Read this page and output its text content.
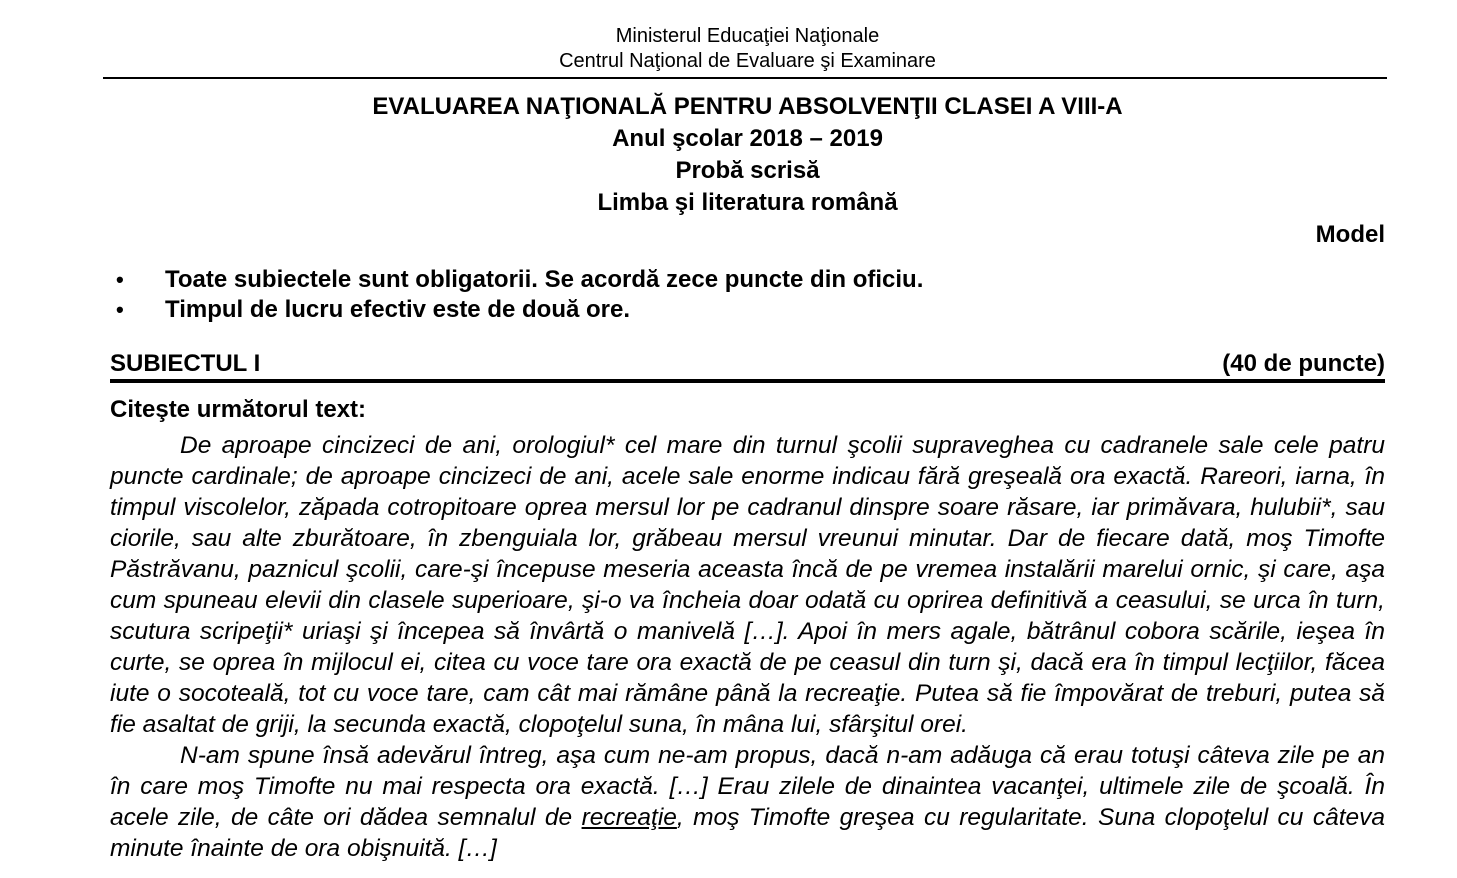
Ministerul Educaţiei Naţionale
Centrul Naţional de Evaluare şi Examinare
EVALUAREA NAŢIONALĂ PENTRU ABSOLVENŢII CLASEI A VIII-A
Anul şcolar 2018 – 2019
Probă scrisă
Limba şi literatura română
Model
• Toate subiectele sunt obligatorii. Se acordă zece puncte din oficiu.
• Timpul de lucru efectiv este de două ore.
SUBIECTUL I	(40 de puncte)
Citeşte următorul text:

De aproape cincizeci de ani, orologiul* cel mare din turnul şcolii supraveghea cu cadranele sale cele patru puncte cardinale; de aproape cincizeci de ani, acele sale enorme indicau fără greşeală ora exactă. Rareori, iarna, în timpul viscolelor, zăpada cotropitoare oprea mersul lor pe cadranul dinspre soare răsare, iar primăvara, hulubii*, sau ciorile, sau alte zburătoare, în zbenguiala lor, grăbeau mersul vreunui minutar. Dar de fiecare dată, moş Timofte Păstrăvanu, paznicul şcolii, care-şi începuse meseria aceasta încă de pe vremea instalării marelui ornic, şi care, aşa cum spuneau elevii din clasele superioare, şi-o va încheia doar odată cu oprirea definitivă a ceasului, se urca în turn, scutura scripeţii* uriaşi şi începea să învârtă o manivelă […]. Apoi în mers agale, bătrânul cobora scările, ieşea în curte, se oprea în mijlocul ei, citea cu voce tare ora exactă de pe ceasul din turn şi, dacă era în timpul lecţiilor, făcea iute o socoteală, tot cu voce tare, cam cât mai rămâne până la recreaţie. Putea să fie împovărat de treburi, putea să fie asaltat de griji, la secunda exactă, clopoţelul suna, în mâna lui, sfârşitul orei.

N-am spune însă adevărul întreg, aşa cum ne-am propus, dacă n-am adăuga că erau totuşi câteva zile pe an în care moş Timofte nu mai respecta ora exactă. […] Erau zilele de dinaintea vacanţei, ultimele zile de şcoală. În acele zile, de câte ori dădea semnalul de recreaţie, moş Timofte greşea cu regularitate. Suna clopoţelul cu câteva minute înainte de ora obişnuită. […]
